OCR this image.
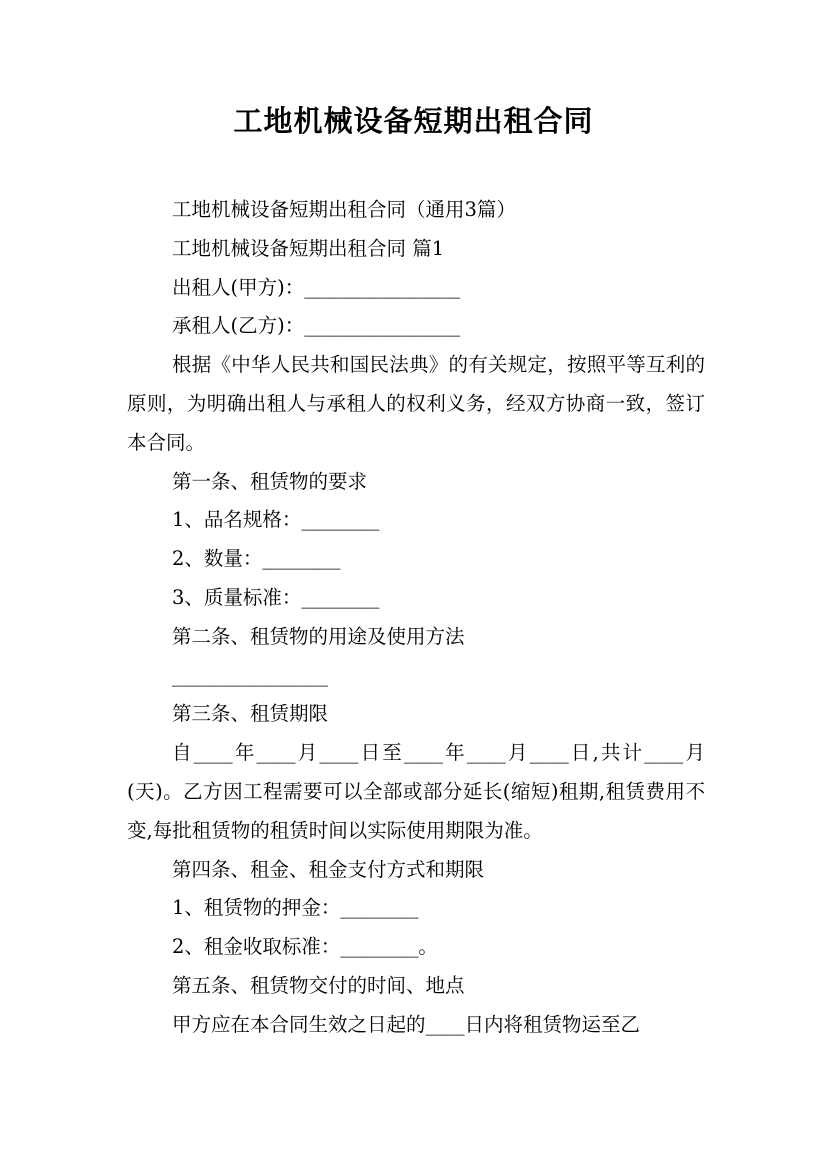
工地机械设备短期出租合同

工地机械设备短期出租合同（通用3篇）

工地机械设备短期出租合同 篇1

出租人(甲方)：________________

承租人(乙方)：________________

根据《中华人民共和国民法典》的有关规定，按照平等互利的原则，为明确出租人与承租人的权利义务，经双方协商一致，签订本合同。

第一条、租赁物的要求

1、品名规格：________

2、数量：________

3、质量标准：________

第二条、租赁物的用途及使用方法

________________

第三条、租赁期限

自____年____月____日至____年____月____日,共计____月(天)。乙方因工程需要可以全部或部分延长(缩短)租期,租赁费用不变,每批租赁物的租赁时间以实际使用期限为准。

第四条、租金、租金支付方式和期限

1、租赁物的押金：________

2、租金收取标准：________。

第五条、租赁物交付的时间、地点

甲方应在本合同生效之日起的____日内将租赁物运至乙
